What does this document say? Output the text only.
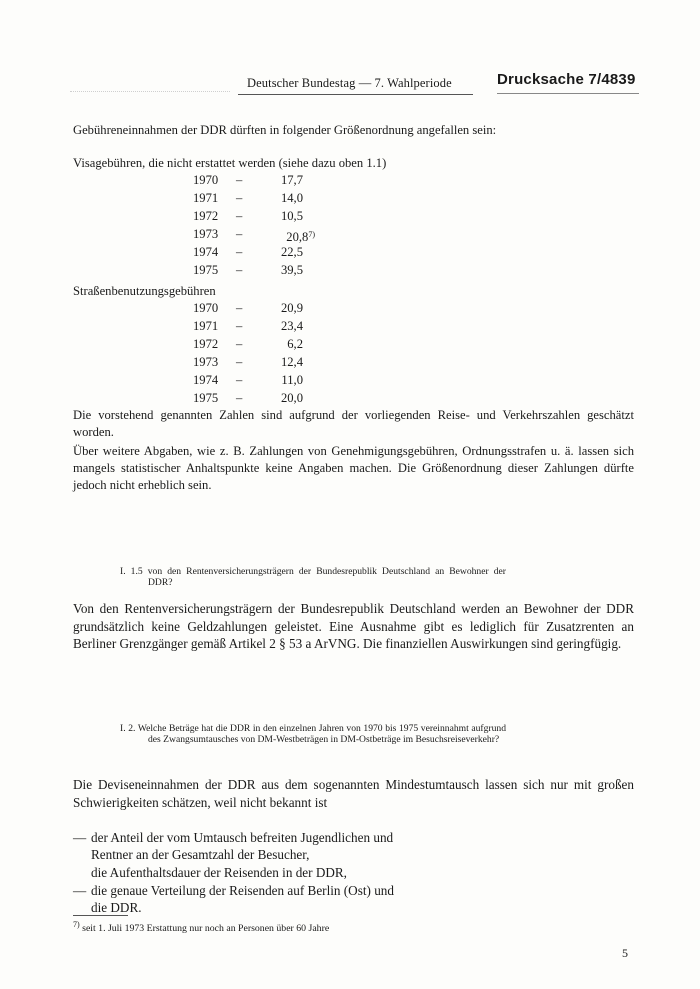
Deutscher Bundestag — 7. Wahlperiode	Drucksache 7/4839
Gebühreneinnahmen der DDR dürften in folgender Größenordnung angefallen sein:
Visagebühren, die nicht erstattet werden (siehe dazu oben 1.1)
1970 –	17,7
1971 –	14,0
1972 –	10,5
1973 –	20,8$^{7)}$
1974 –	22,5
1975 –	39,5
Straßenbenutzungsgebühren
1970 –	20,9
1971 –	23,4
1972 –	6,2
1973 –	12,4
1974 –	11,0
1975 –	20,0
Die vorstehend genannten Zahlen sind aufgrund der vorliegenden Reise- und Verkehrszahlen geschätzt worden.
Über weitere Abgaben, wie z. B. Zahlungen von Genehmigungsgebühren, Ordnungsstrafen u. ä. lassen sich mangels statistischer Anhaltspunkte keine Angaben machen. Die Größenordnung dieser Zahlungen dürfte jedoch nicht erheblich sein.
I. 1.5 von den Rentenversicherungsträgern der Bundesrepublik Deutschland an Bewohner der DDR?
Von den Rentenversicherungsträgern der Bundesrepublik Deutschland werden an Bewohner der DDR grundsätzlich keine Geldzahlungen geleistet. Eine Ausnahme gibt es lediglich für Zusatzrenten an Berliner Grenzgänger gemäß Artikel 2 § 53 a ArVNG. Die finanziellen Auswirkungen sind geringfügig.
I. 2. Welche Beträge hat die DDR in den einzelnen Jahren von 1970 bis 1975 vereinnahmt aufgrund des Zwangsumtausches von DM-Westbeträgen in DM-Ostbeträge im Besuchsreiseverkehr?
Die Deviseneinnahmen der DDR aus dem sogenannten Mindestumtausch lassen sich nur mit großen Schwierigkeiten schätzen, weil nicht bekannt ist
— der Anteil der vom Umtausch befreiten Jugendlichen und
Rentner an der Gesamtzahl der Besucher,
die Aufenthaltsdauer der Reisenden in der DDR,
— die genaue Verteilung der Reisenden auf Berlin (Ost) und
die DDR.
$^{7)}$ seit 1. Juli 1973 Erstattung nur noch an Personen über 60 Jahre
5
